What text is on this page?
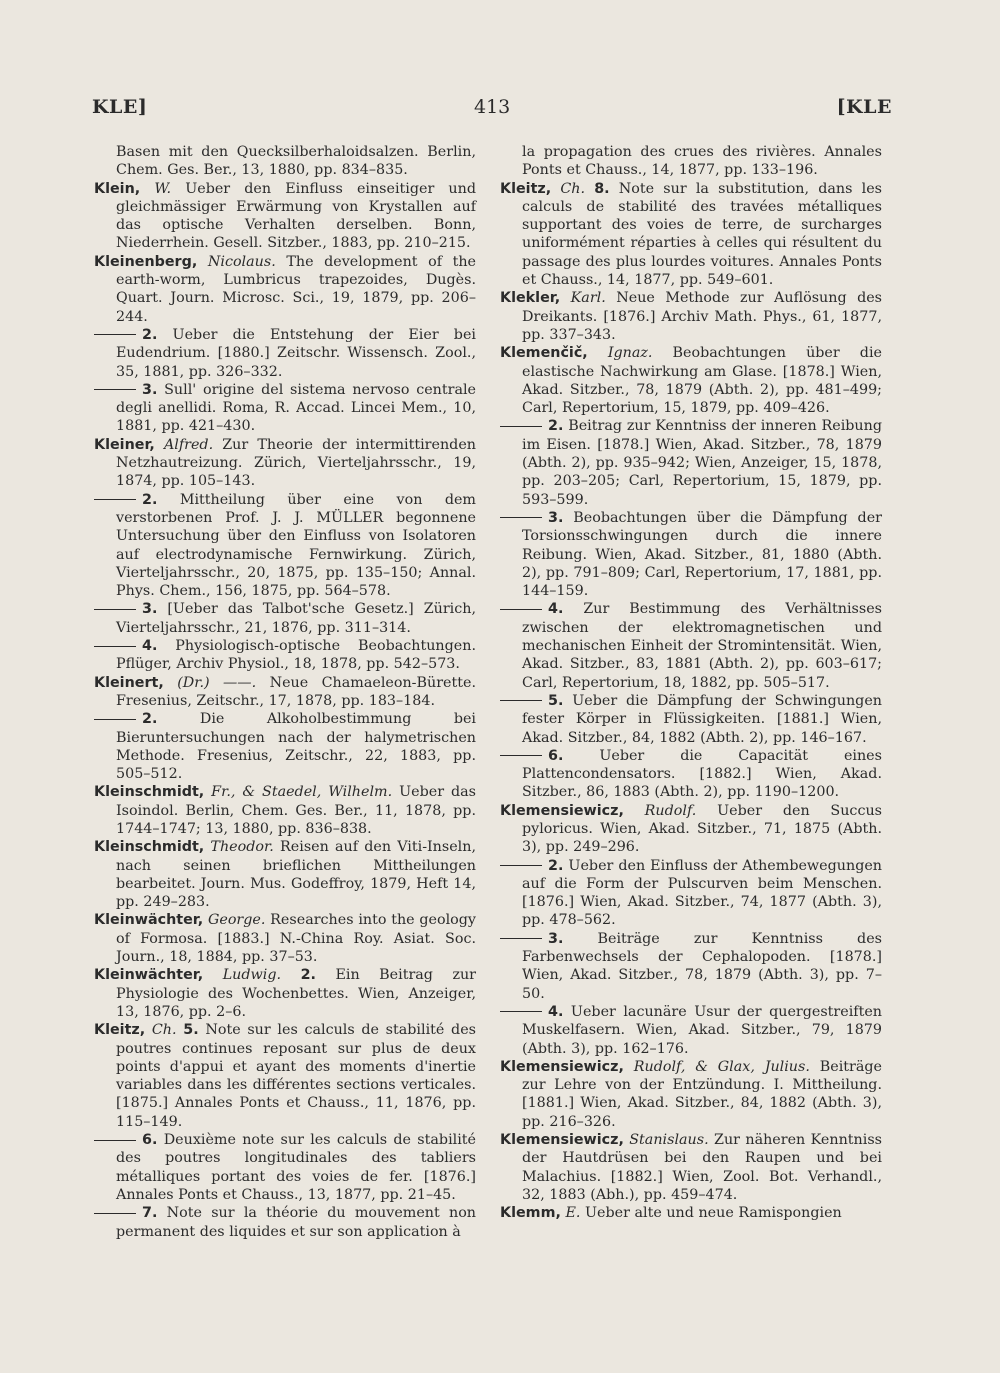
KLE]	413	[KLE

Basen mit den Quecksilberhaloidsalzen. Berlin, Chem. Ges. Ber., 13, 1880, pp. 834–835.

Klein, W. Ueber den Einfluss einseitiger und gleichmässiger Erwärmung von Krystallen auf das optische Verhalten derselben. Bonn, Niederrhein. Gesell. Sitzber., 1883, pp. 210–215.

Kleinenberg, Nicolaus. The development of the earth-worm, Lumbricus trapezoides, Dugès. Quart. Journ. Microsc. Sci., 19, 1879, pp. 206–244.

2. Ueber die Entstehung der Eier bei Eudendrium. [1880.] Zeitschr. Wissensch. Zool., 35, 1881, pp. 326–332.

3. Sull' origine del sistema nervoso centrale degli anellidi. Roma, R. Accad. Lincei Mem., 10, 1881, pp. 421–430.

Kleiner, Alfred. Zur Theorie der intermittirenden Netzhautreizung. Zürich, Vierteljahrsschr., 19, 1874, pp. 105–143.

2. Mittheilung über eine von dem verstorbenen Prof. J. J. MÜLLER begonnene Untersuchung über den Einfluss von Isolatoren auf electrodynamische Fernwirkung. Zürich, Vierteljahrsschr., 20, 1875, pp. 135–150; Annal. Phys. Chem., 156, 1875, pp. 564–578.

3. [Ueber das Talbot'sche Gesetz.] Zürich, Vierteljahrsschr., 21, 1876, pp. 311–314.

4. Physiologisch-optische Beobachtungen. Pflüger, Archiv Physiol., 18, 1878, pp. 542–573.

Kleinert, (Dr.) ——. Neue Chamaeleon-Bürette. Fresenius, Zeitschr., 17, 1878, pp. 183–184.

2.	Die Alkoholbestimmung bei Bieruntersuchungen nach der halymetrischen Methode. Fresenius, Zeitschr., 22, 1883, pp. 505–512.

Kleinschmidt, Fr., & Staedel, Wilhelm. Ueber das Isoindol. Berlin, Chem. Ges. Ber., 11, 1878, pp. 1744–1747; 13, 1880, pp. 836–838.

Kleinschmidt, Theodor. Reisen auf den Viti-Inseln, nach seinen brieflichen Mittheilungen bearbeitet. Journ. Mus. Godeffroy, 1879, Heft 14, pp. 249–283.

Kleinwächter, George. Researches into the geology of Formosa. [1883.] N.-China Roy. Asiat. Soc. Journ., 18, 1884, pp. 37–53.

Kleinwächter, Ludwig. 2. Ein Beitrag zur Physiologie des Wochenbettes. Wien, Anzeiger, 13, 1876, pp. 2–6.

Kleitz, Ch. 5. Note sur les calculs de stabilité des poutres continues reposant sur plus de deux points d'appui et ayant des moments d'inertie variables dans les différentes sections verticales. [1875.] Annales Ponts et Chauss., 11, 1876, pp. 115–149.

6. Deuxième note sur les calculs de stabilité des poutres longitudinales des tabliers métalliques portant des voies de fer. [1876.] Annales Ponts et Chauss., 13, 1877, pp. 21–45.

7. Note sur la théorie du mouvement non permanent des liquides et sur son application à

la propagation des crues des rivières. Annales Ponts et Chauss., 14, 1877, pp. 133–196.

Kleitz, Ch. 8. Note sur la substitution, dans les calculs de stabilité des travées métalliques supportant des voies de terre, de surcharges uniformément réparties à celles qui résultent du passage des plus lourdes voitures. Annales Ponts et Chauss., 14, 1877, pp. 549–601.

Klekler, Karl. Neue Methode zur Auflösung des Dreikants. [1876.] Archiv Math. Phys., 61, 1877, pp. 337–343.

Klemenčič, Ignaz. Beobachtungen über die elastische Nachwirkung am Glase. [1878.] Wien, Akad. Sitzber., 78, 1879 (Abth. 2), pp. 481–499; Carl, Repertorium, 15, 1879, pp. 409–426.

2. Beitrag zur Kenntniss der inneren Reibung im Eisen. [1878.] Wien, Akad. Sitzber., 78, 1879 (Abth. 2), pp. 935–942; Wien, Anzeiger, 15, 1878, pp. 203–205; Carl, Repertorium, 15, 1879, pp. 593–599.

3. Beobachtungen über die Dämpfung der Torsionsschwingungen durch die innere Reibung. Wien, Akad. Sitzber., 81, 1880 (Abth. 2), pp. 791–809; Carl, Repertorium, 17, 1881, pp. 144–159.

4. Zur Bestimmung des Verhältnisses zwischen der elektromagnetischen und mechanischen Einheit der Stromintensität. Wien, Akad. Sitzber., 83, 1881 (Abth. 2), pp. 603–617; Carl, Repertorium, 18, 1882, pp. 505–517.

5. Ueber die Dämpfung der Schwingungen fester Körper in Flüssigkeiten. [1881.] Wien, Akad. Sitzber., 84, 1882 (Abth. 2), pp. 146–167.

6.	Ueber die Capacität eines Plattencondensators. [1882.] Wien, Akad. Sitzber., 86, 1883 (Abth. 2), pp. 1190–1200.

Klemensiewicz, Rudolf. Ueber den Succus pyloricus. Wien, Akad. Sitzber., 71, 1875 (Abth. 3), pp. 249–296.

2. Ueber den Einfluss der Athembewegungen auf die Form der Pulscurven beim Menschen. [1876.] Wien, Akad. Sitzber., 74, 1877 (Abth. 3), pp. 478–562.

3. Beiträge zur Kenntniss des Farbenwechsels der Cephalopoden. [1878.] Wien, Akad. Sitzber., 78, 1879 (Abth. 3), pp. 7–50.

4. Ueber lacunäre Usur der quergestreiften Muskelfasern. Wien, Akad. Sitzber., 79, 1879 (Abth. 3), pp. 162–176.

Klemensiewicz, Rudolf, & Glax, Julius. Beiträge zur Lehre von der Entzündung. I. Mittheilung. [1881.] Wien, Akad. Sitzber., 84, 1882 (Abth. 3), pp. 216–326.

Klemensiewicz, Stanislaus. Zur näheren Kenntniss der Hautdrüsen bei den Raupen und bei Malachius. [1882.] Wien, Zool. Bot. Verhandl., 32, 1883 (Abh.), pp. 459–474.

Klemm, E. Ueber alte und neue Ramispongien
